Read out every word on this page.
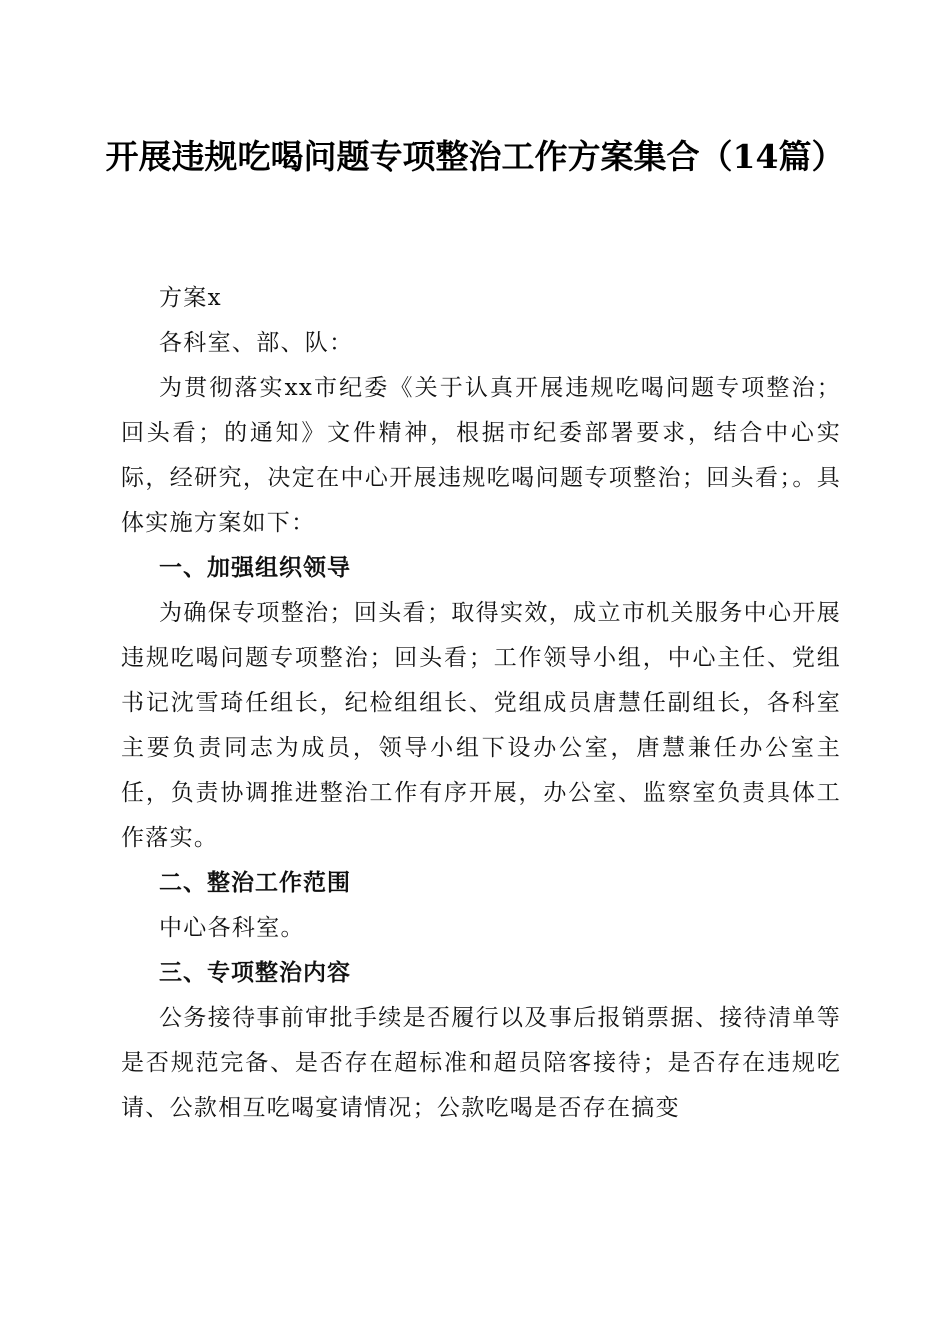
开展违规吃喝问题专项整治工作方案集合（14篇）

方案x

各科室、部、队：

为贯彻落实xx市纪委《关于认真开展违规吃喝问题专项整治；回头看；的通知》文件精神，根据市纪委部署要求，结合中心实际，经研究，决定在中心开展违规吃喝问题专项整治；回头看；。具体实施方案如下：

一、加强组织领导

为确保专项整治；回头看；取得实效，成立市机关服务中心开展违规吃喝问题专项整治；回头看；工作领导小组，中心主任、党组书记沈雪琦任组长，纪检组组长、党组成员唐慧任副组长，各科室主要负责同志为成员，领导小组下设办公室，唐慧兼任办公室主任，负责协调推进整治工作有序开展，办公室、监察室负责具体工作落实。

二、整治工作范围

中心各科室。

三、专项整治内容

公务接待事前审批手续是否履行以及事后报销票据、接待清单等是否规范完备、是否存在超标准和超员陪客接待；是否存在违规吃请、公款相互吃喝宴请情况；公款吃喝是否存在搞变
